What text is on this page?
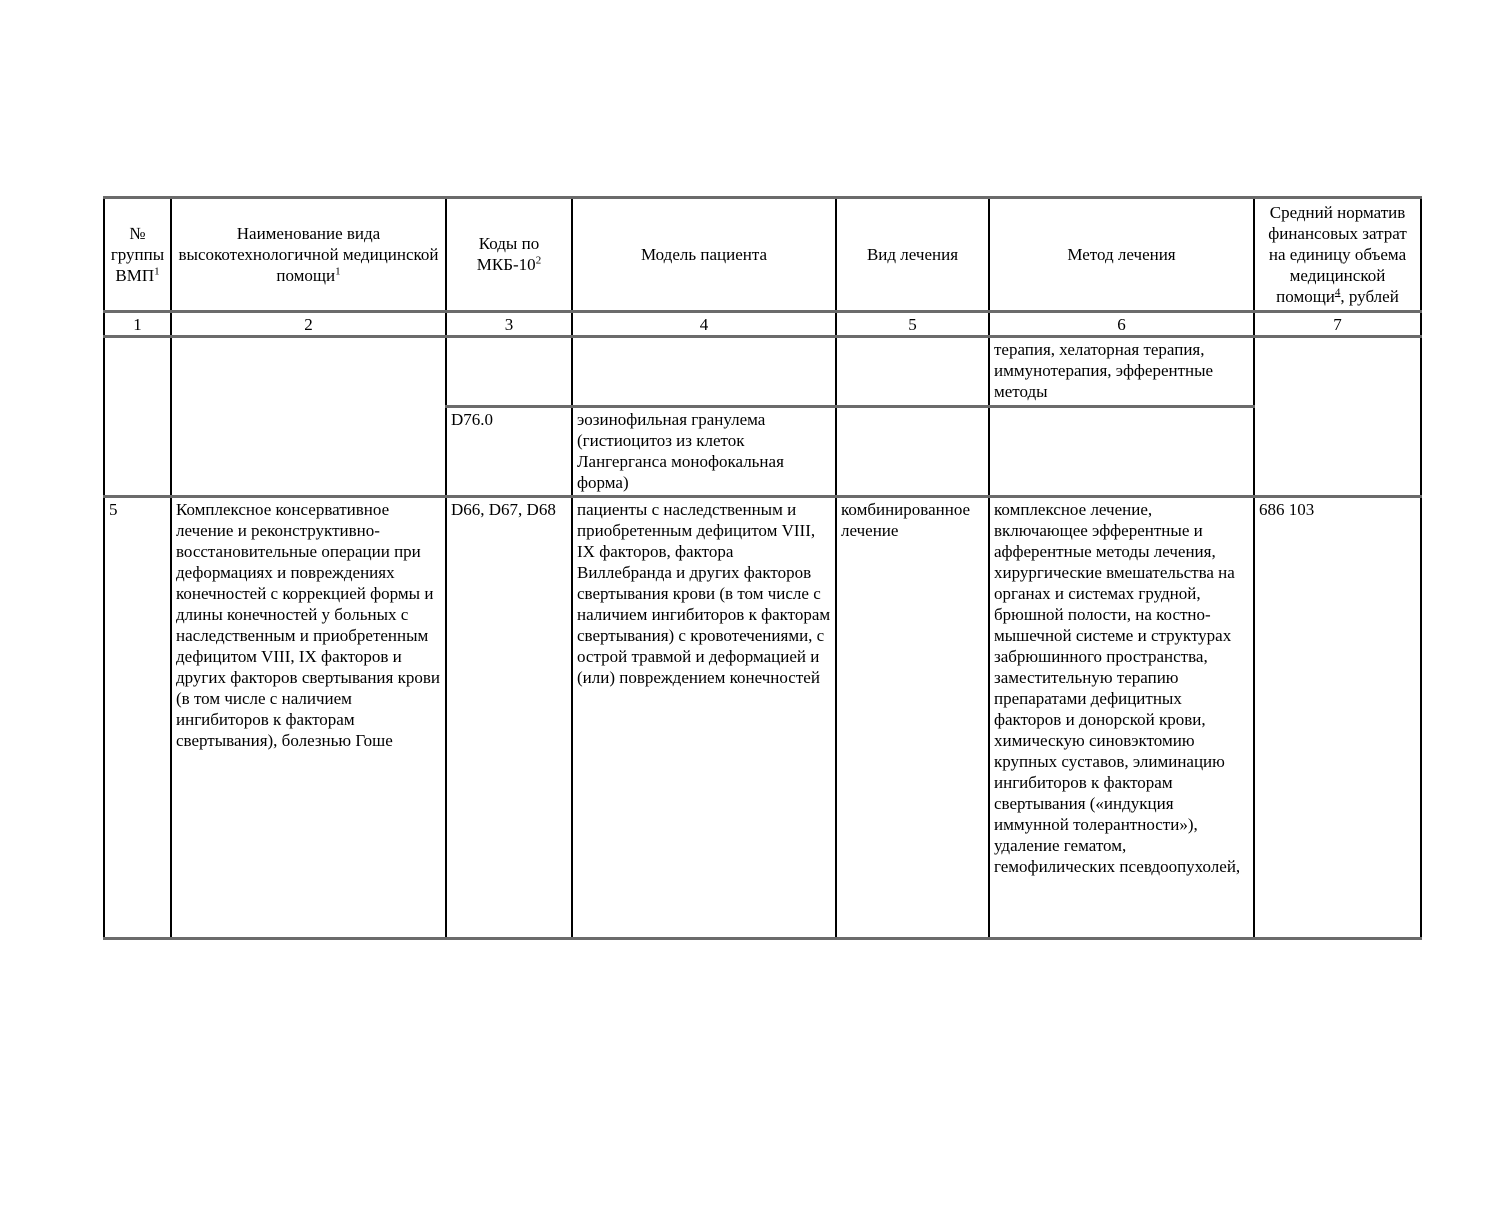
№ группы ВМП$^1$	Наименование вида высокотехнологичной медицинской помощи$^1$	Коды по МКБ-$10^2$	Модель пациента	Вид лечения	Метод лечения	Средний норматив финансовых затрат на единицу объема медицинской помощи$^4$, рублей
1	2	3	4	5	6	7
					терапия, хелаторная терапия, иммунотерапия, эфферентные методы	
		D76.0	эозинофильная гранулема (гистиоцитоз из клеток Лангерганса монофокальная форма)			
5	Комплексное консервативное лечение и реконструктивно-восстановительные операции при деформациях и повреждениях конечностей с коррекцией формы и длины конечностей у больных с наследственным и приобретенным дефицитом VIII, IX факторов и других факторов свертывания крови (в том числе с наличием ингибиторов к факторам свертывания), болезнью Гоше	D66, D67, D68	пациенты с наследственным и приобретенным дефицитом VIII, IX факторов, фактора Виллебранда и других факторов свертывания крови (в том числе с наличием ингибиторов к факторам свертывания) с кровотечениями, с острой травмой и деформацией и (или) повреждением конечностей	комбинированное лечение	комплексное лечение, включающее эфферентные и афферентные методы лечения, хирургические вмешательства на органах и системах грудной, брюшной полости, на костно-мышечной системе и структурах забрюшинного пространства, заместительную терапию препаратами дефицитных факторов и донорской крови, химическую синовэктомию крупных суставов, элиминацию ингибиторов к факторам свертывания («индукция иммунной толерантности»), удаление гематом, гемофилических псевдоопухолей,	686 103
